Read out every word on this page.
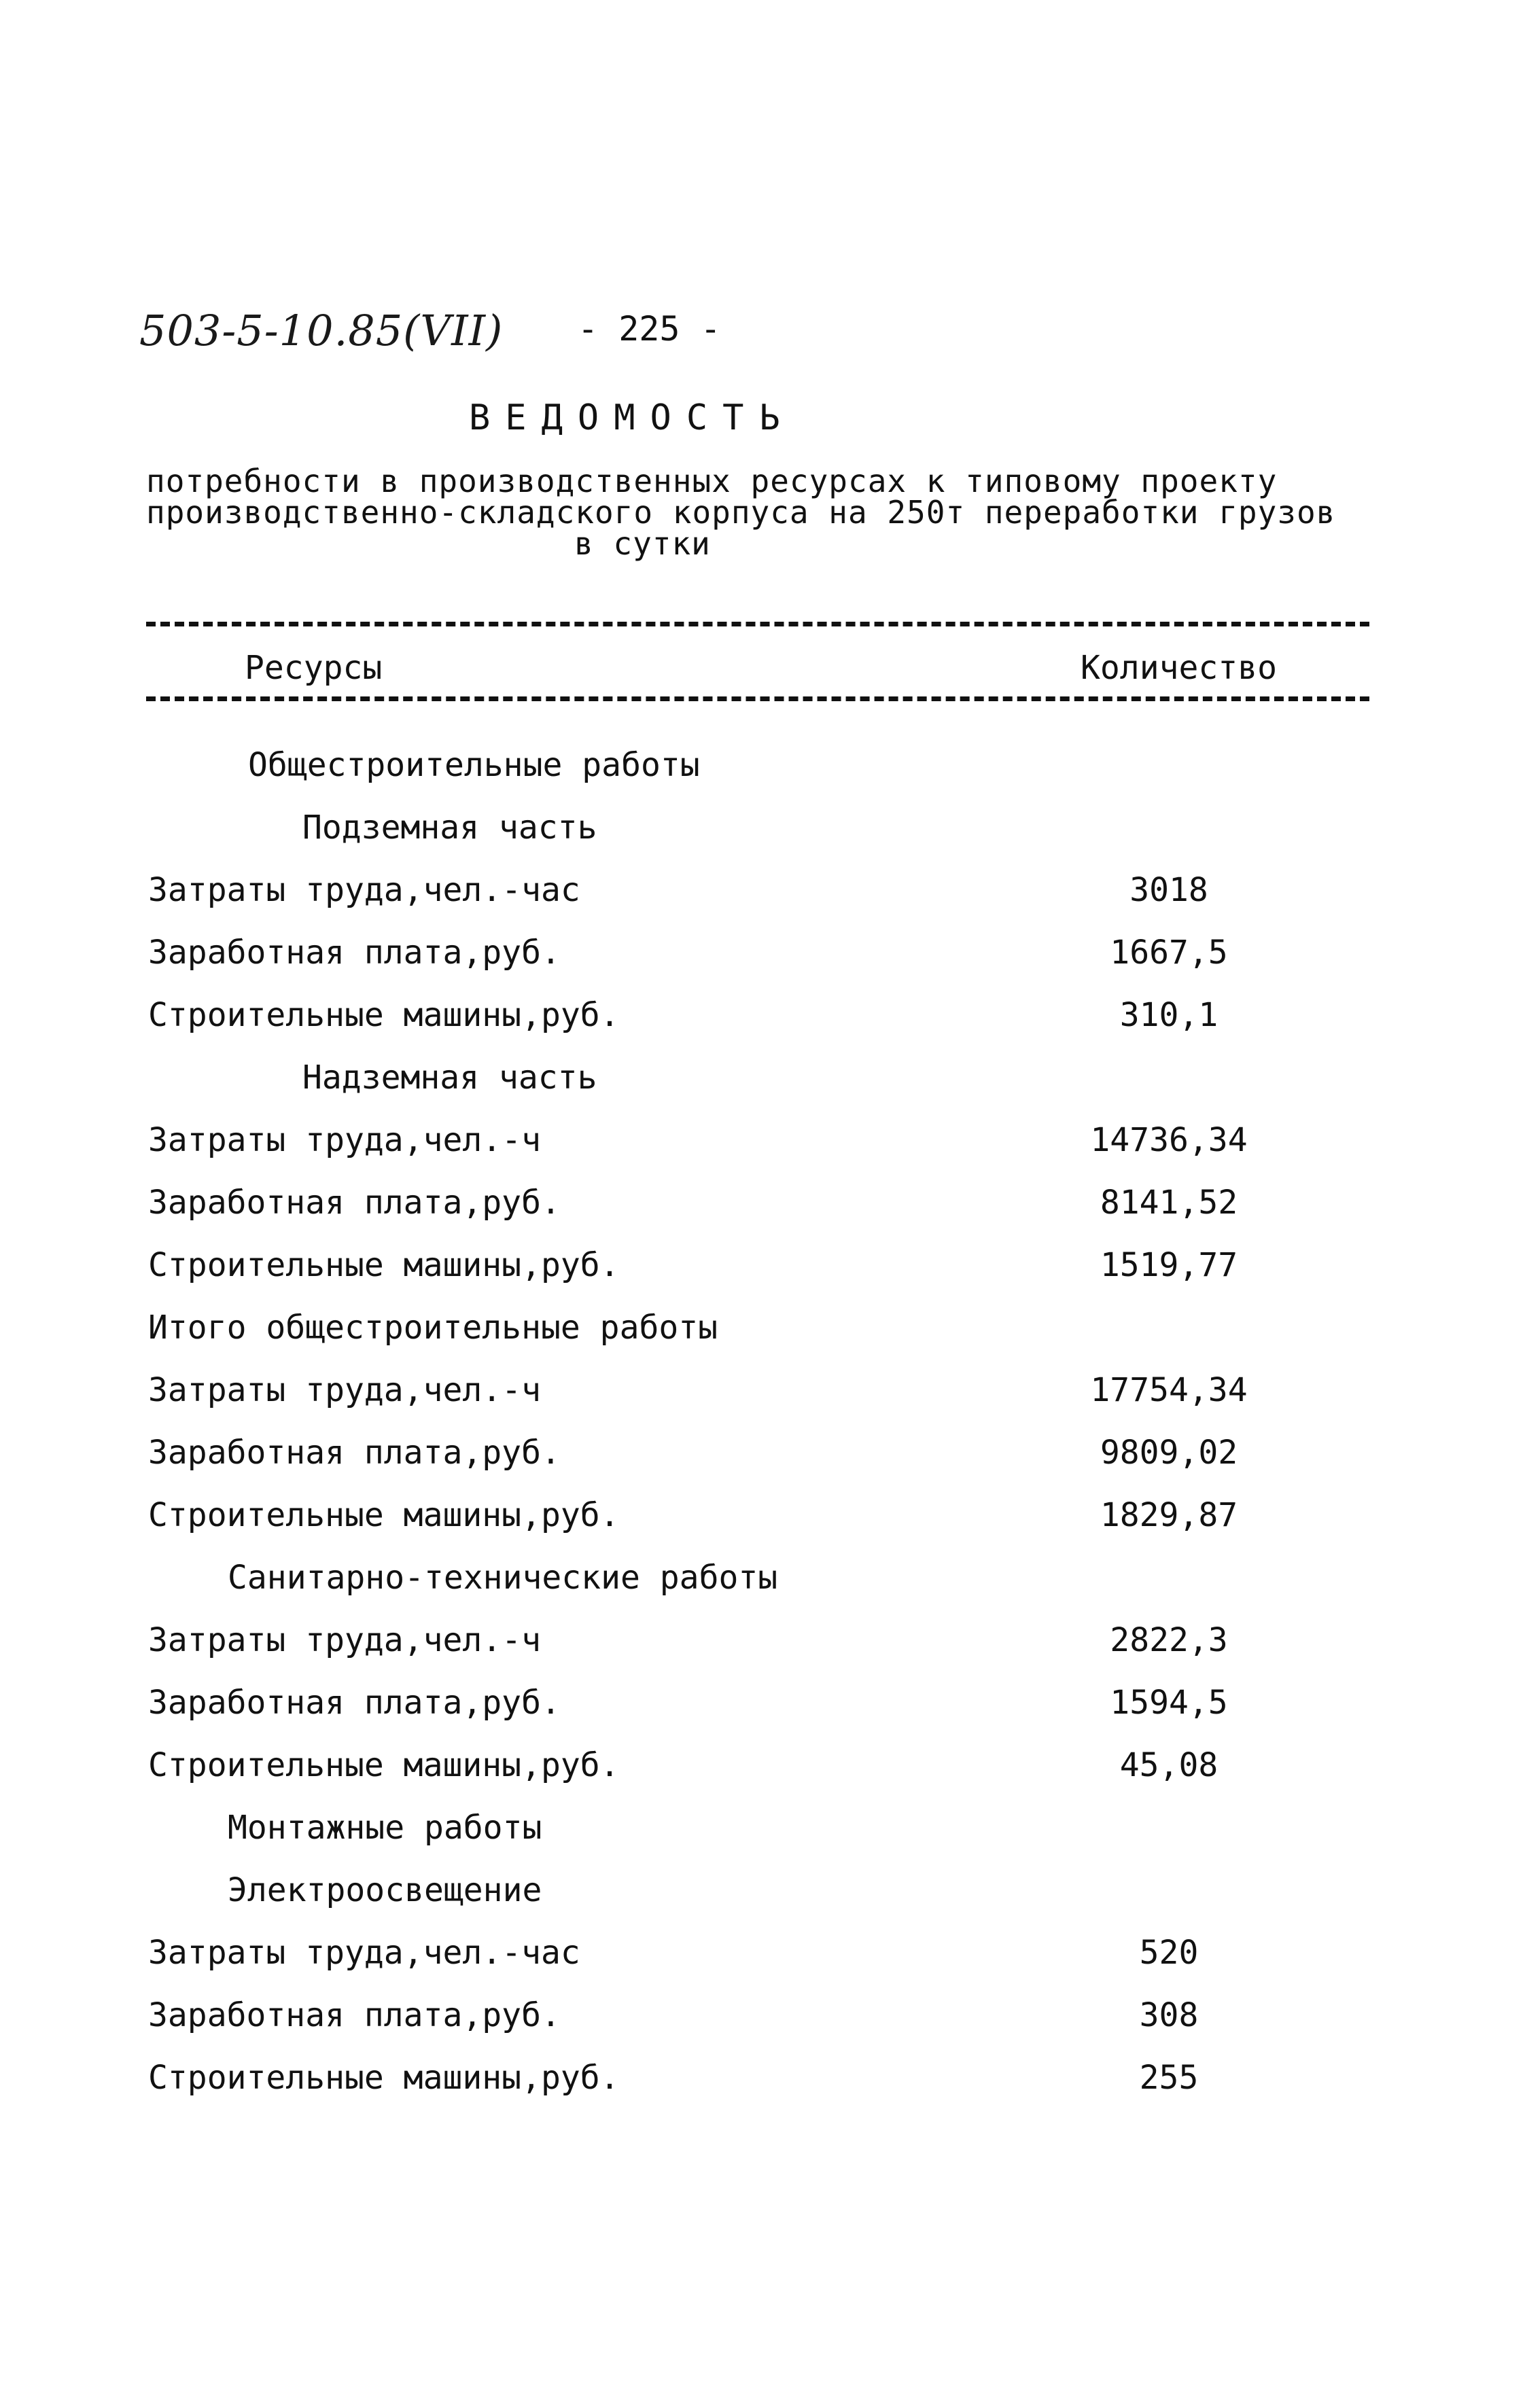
503-5-10.85(VII) - 225 -
ВЕДОМОСТЬ
потребности в производственных ресурсах к типовому проекту
производственно-складского корпуса на 250т переработки грузов
в сутки
Ресурсы	Количество
Общестроительные работы
Подземная часть
Затраты труда,чел.-час	3018
Заработная плата,руб.	1667,5
Строительные машины,руб.	310,1
Надземная часть
Затраты труда,чел.-ч	14736,34
Заработная плата,руб.	8141,52
Строительные машины,руб.	1519,77
Итого общестроительные работы
Затраты труда,чел.-ч	17754,34
Заработная плата,руб.	9809,02
Строительные машины,руб.	1829,87
Санитарно-технические работы
Затраты труда,чел.-ч	2822,3
Заработная плата,руб.	1594,5
Строительные машины,руб.	45,08
Монтажные работы
Электроосвещение
Затраты труда,чел.-час	520
Заработная плата,руб.	308
Строительные машины,руб.	255
